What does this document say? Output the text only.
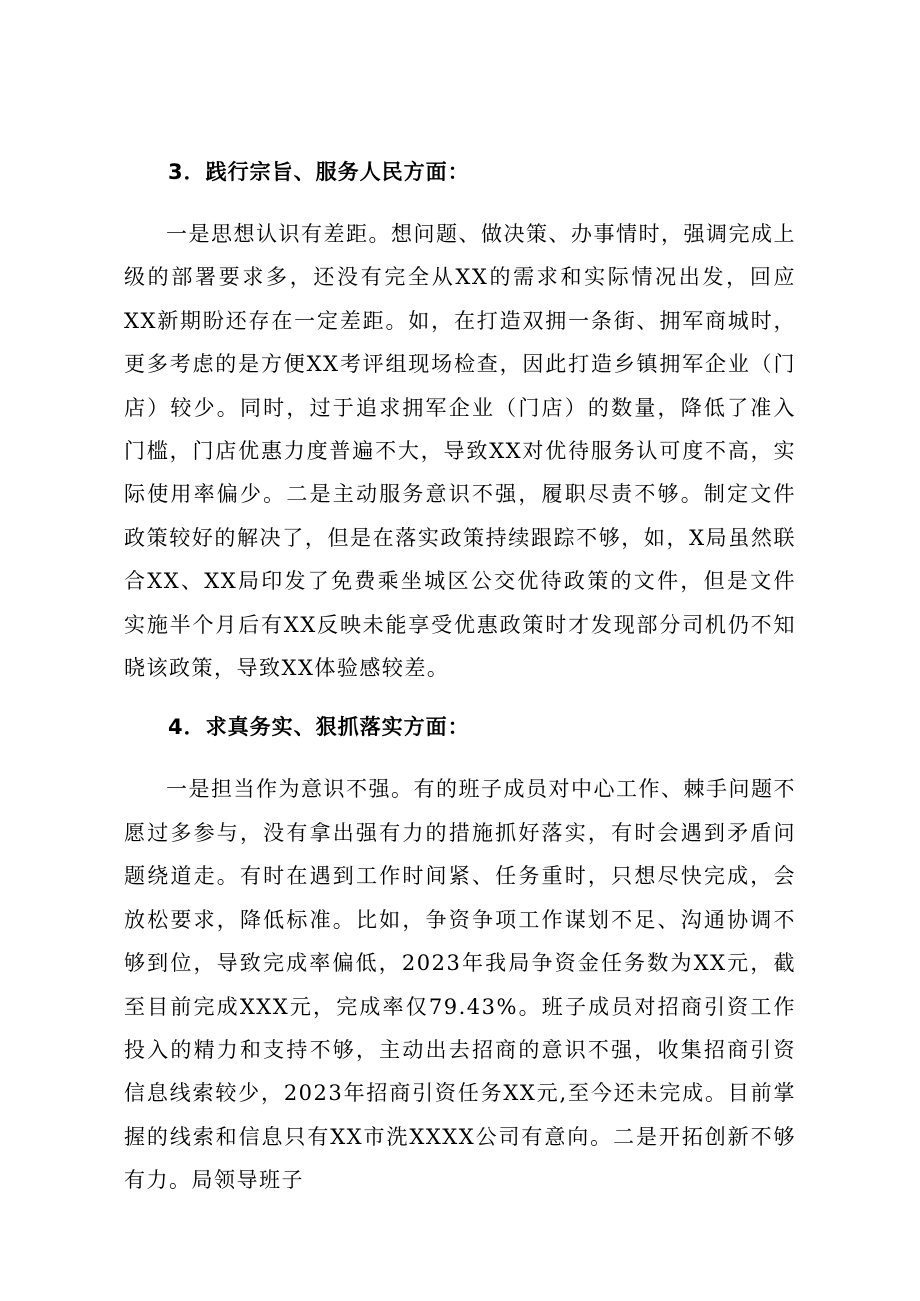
3．践行宗旨、服务人民方面：

一是思想认识有差距。想问题、做决策、办事情时，强调完成上级的部署要求多，还没有完全从XX的需求和实际情况出发，回应XX新期盼还存在一定差距。如，在打造双拥一条街、拥军商城时，更多考虑的是方便XX考评组现场检查，因此打造乡镇拥军企业（门店）较少。同时，过于追求拥军企业（门店）的数量，降低了准入门槛，门店优惠力度普遍不大，导致XX对优待服务认可度不高，实际使用率偏少。二是主动服务意识不强，履职尽责不够。制定文件政策较好的解决了，但是在落实政策持续跟踪不够，如，X局虽然联合XX、XX局印发了免费乘坐城区公交优待政策的文件，但是文件实施半个月后有XX反映未能享受优惠政策时才发现部分司机仍不知晓该政策，导致XX体验感较差。

4．求真务实、狠抓落实方面：

一是担当作为意识不强。有的班子成员对中心工作、棘手问题不愿过多参与，没有拿出强有力的措施抓好落实，有时会遇到矛盾问题绕道走。有时在遇到工作时间紧、任务重时，只想尽快完成，会放松要求，降低标准。比如，争资争项工作谋划不足、沟通协调不够到位，导致完成率偏低，2023年我局争资金任务数为XX元，截至目前完成XXX元，完成率仅79.43%。班子成员对招商引资工作投入的精力和支持不够，主动出去招商的意识不强，收集招商引资信息线索较少，2023年招商引资任务XX元,至今还未完成。目前掌握的线索和信息只有XX市洗XXXX公司有意向。二是开拓创新不够有力。局领导班子
